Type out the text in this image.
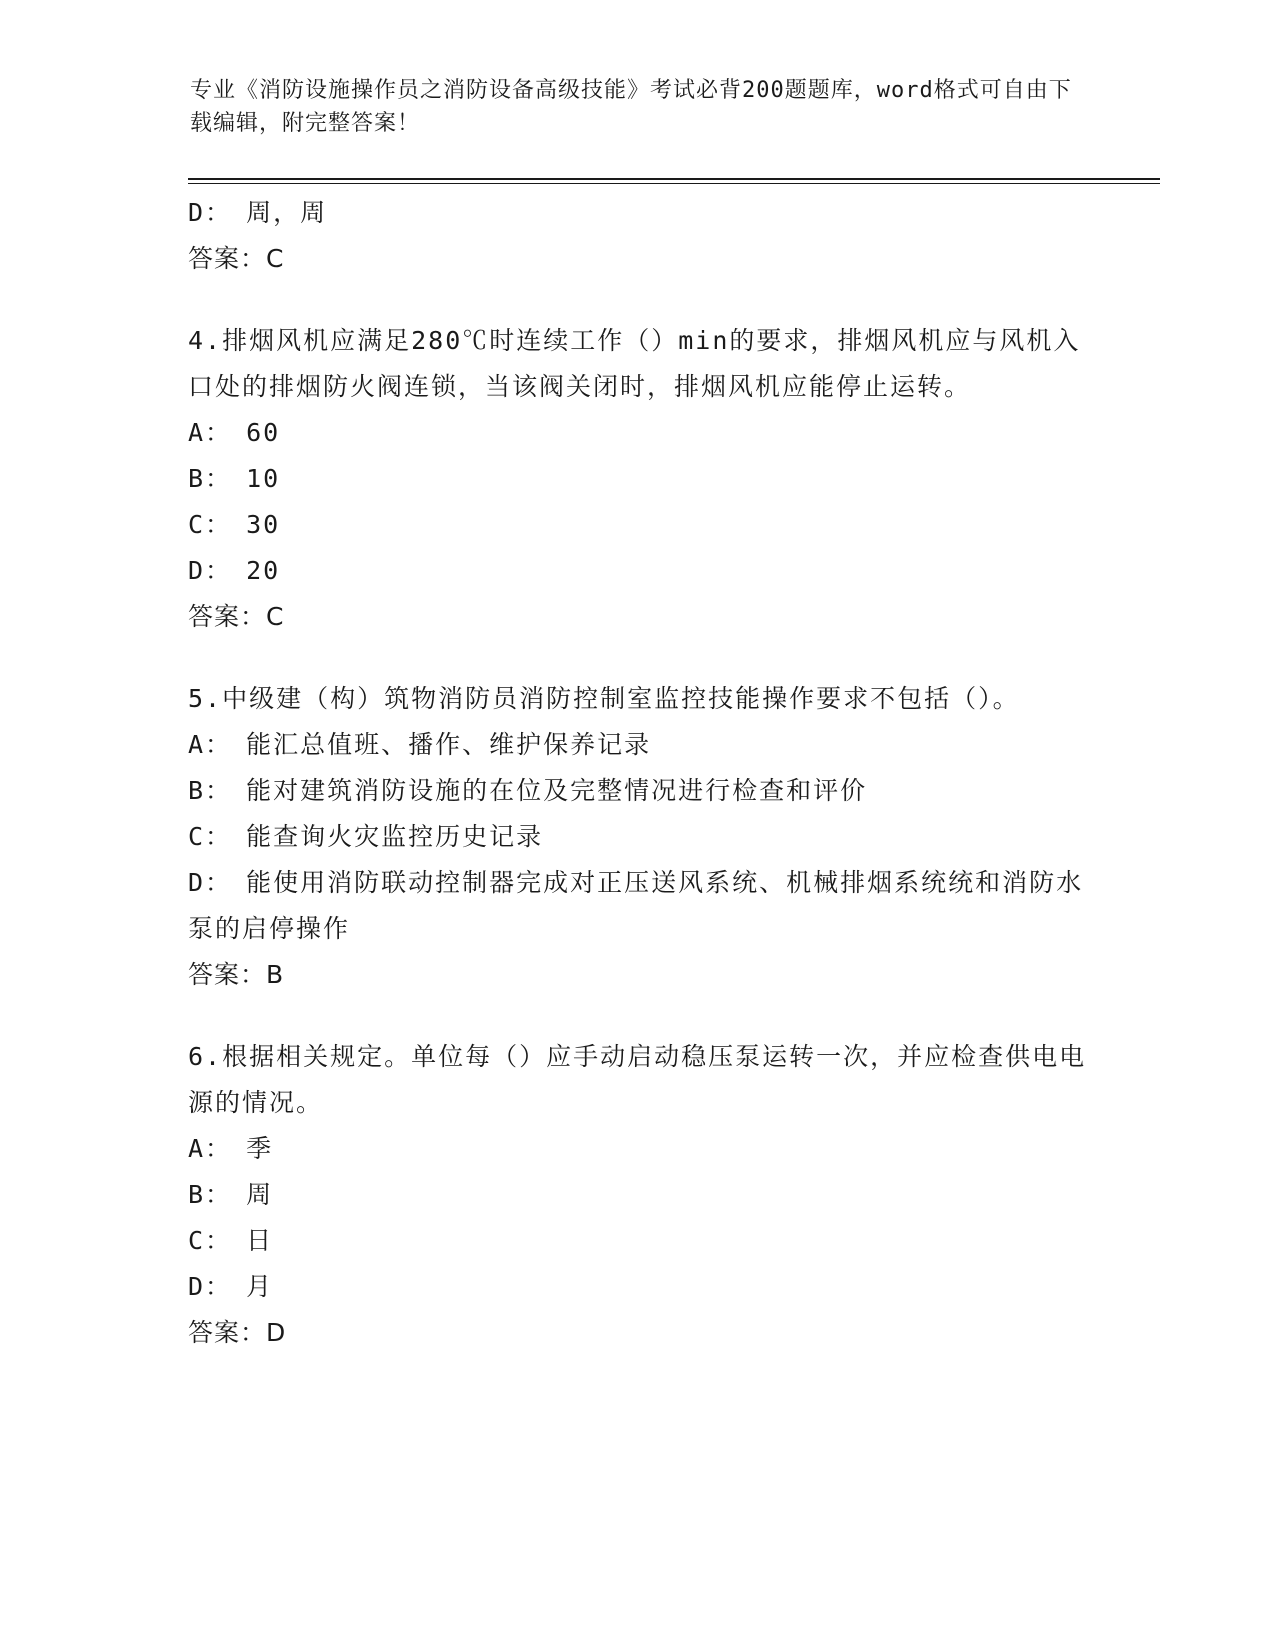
专业《消防设施操作员之消防设备高级技能》考试必背200题题库，word格式可自由下载编辑，附完整答案！
D： 周，周
答案：C
4.排烟风机应满足280℃时连续工作（）min的要求，排烟风机应与风机入口处的排烟防火阀连锁，当该阀关闭时，排烟风机应能停止运转。
A： 60
B： 10
C： 30
D： 20
答案：C
5.中级建（构）筑物消防员消防控制室监控技能操作要求不包括（）。
A： 能汇总值班、播作、维护保养记录
B： 能对建筑消防设施的在位及完整情况进行检查和评价
C： 能查询火灾监控历史记录
D： 能使用消防联动控制器完成对正压送风系统、机械排烟系统统和消防水泵的启停操作
答案：B
6.根据相关规定。单位每（）应手动启动稳压泵运转一次，并应检查供电电源的情况。
A： 季
B： 周
C： 日
D： 月
答案：D
